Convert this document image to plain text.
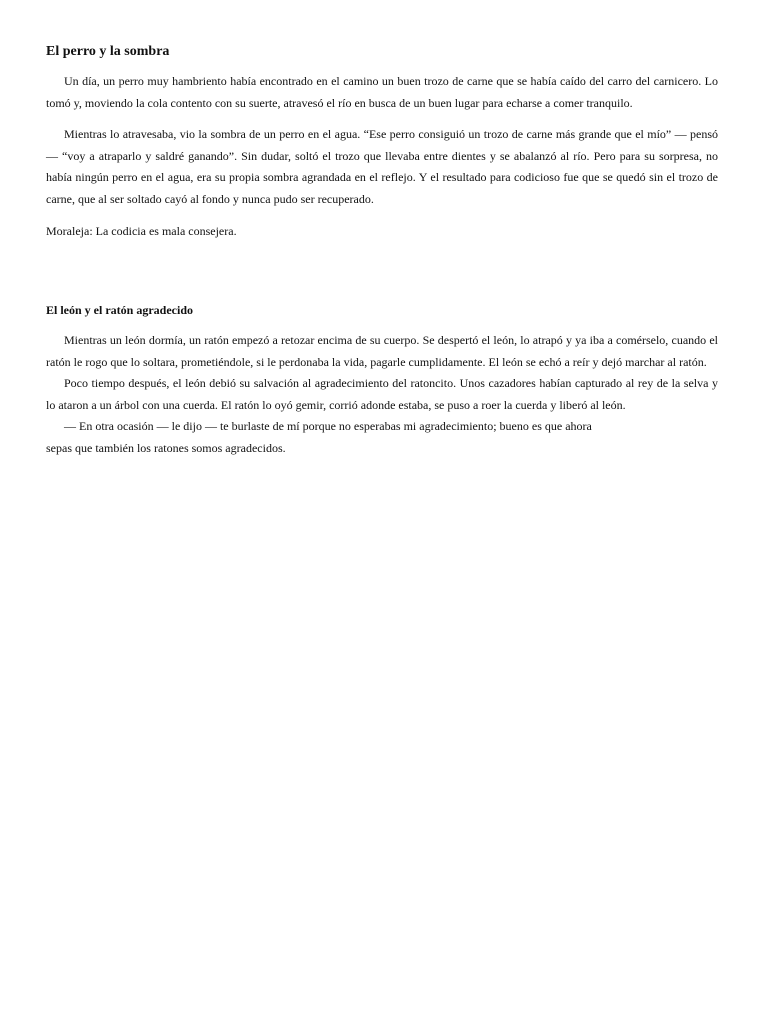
El perro y la sombra

Un día, un perro muy hambriento había encontrado en el camino un buen trozo de carne que se había caído del carro del carnicero. Lo tomó y, moviendo la cola contento con su suerte, atravesó el río en busca de un buen lugar para echarse a comer tranquilo.

Mientras lo atravesaba, vio la sombra de un perro en el agua. “Ese perro consiguió un trozo de carne más grande que el mío” — pensó — “voy a atraparlo y saldré ganando”. Sin dudar, soltó el trozo que llevaba entre dientes y se abalanzó al río. Pero para su sorpresa, no había ningún perro en el agua, era su propia sombra agrandada en el reflejo. Y el resultado para codicioso fue que se quedó sin el trozo de carne, que al ser soltado cayó al fondo y nunca pudo ser recuperado.

Moraleja: La codicia es mala consejera.

El león y el ratón agradecido

Mientras un león dormía, un ratón empezó a retozar encima de su cuerpo. Se despertó el león, lo atrapó y ya iba a comérselo, cuando el ratón le rogo que lo soltara, prometiéndole, si le perdonaba la vida, pagarle cumplidamente. El león se echó a reír y dejó marchar al ratón.

Poco tiempo después, el león debió su salvación al agradecimiento del ratoncito. Unos cazadores habían capturado al rey de la selva y lo ataron a un árbol con una cuerda. El ratón lo oyó gemir, corrió adonde estaba, se puso a roer la cuerda y liberó al león.

— En otra ocasión — le dijo — te burlaste de mí porque no esperabas mi agradecimiento; bueno es que ahora

sepas que también los ratones somos agradecidos.
